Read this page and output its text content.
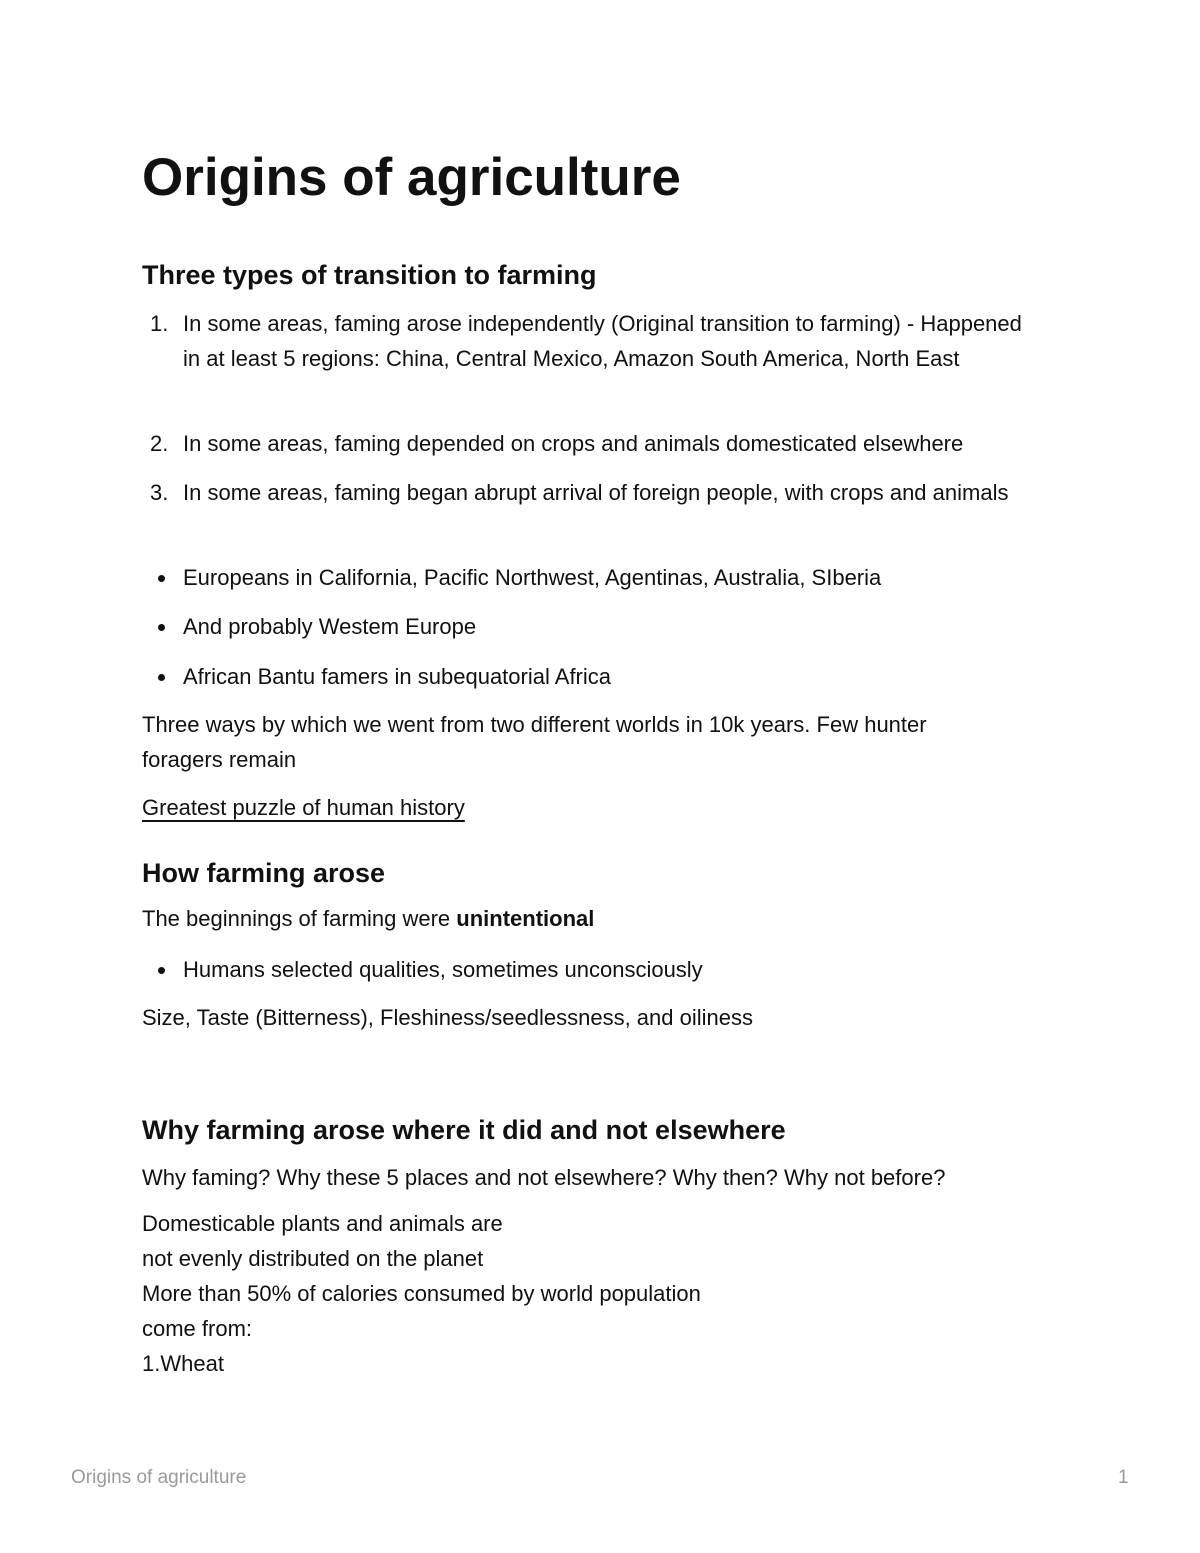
Origins of agriculture
Three types of transition to farming
1. In some areas, faming arose independently (Original transition to farming) - Happened in at least 5 regions: China, Central Mexico, Amazon South America, North East
2. In some areas, faming depended on crops and animals domesticated elsewhere
3. In some areas, faming began abrupt arrival of foreign people, with crops and animals
Europeans in California, Pacific Northwest, Agentinas, Australia, SIberia
And probably Westem Europe
African Bantu famers in subequatorial Africa

Three ways by which we went from two different worlds in 10k years. Few hunter foragers remain

Greatest puzzle of human history

How farming arose

The beginnings of farming were unintentional

Humans selected qualities, sometimes unconsciously

Size, Taste (Bitterness), Fleshiness/seedlessness, and oiliness

Why farming arose where it did and not elsewhere

Why faming? Why these 5 places and not elsewhere? Why then? Why not before?

Domesticable plants and animals are

not evenly distributed on the planet

More than 50% of calories consumed by world population

come from:

1.Wheat

Origins of agriculture	1
